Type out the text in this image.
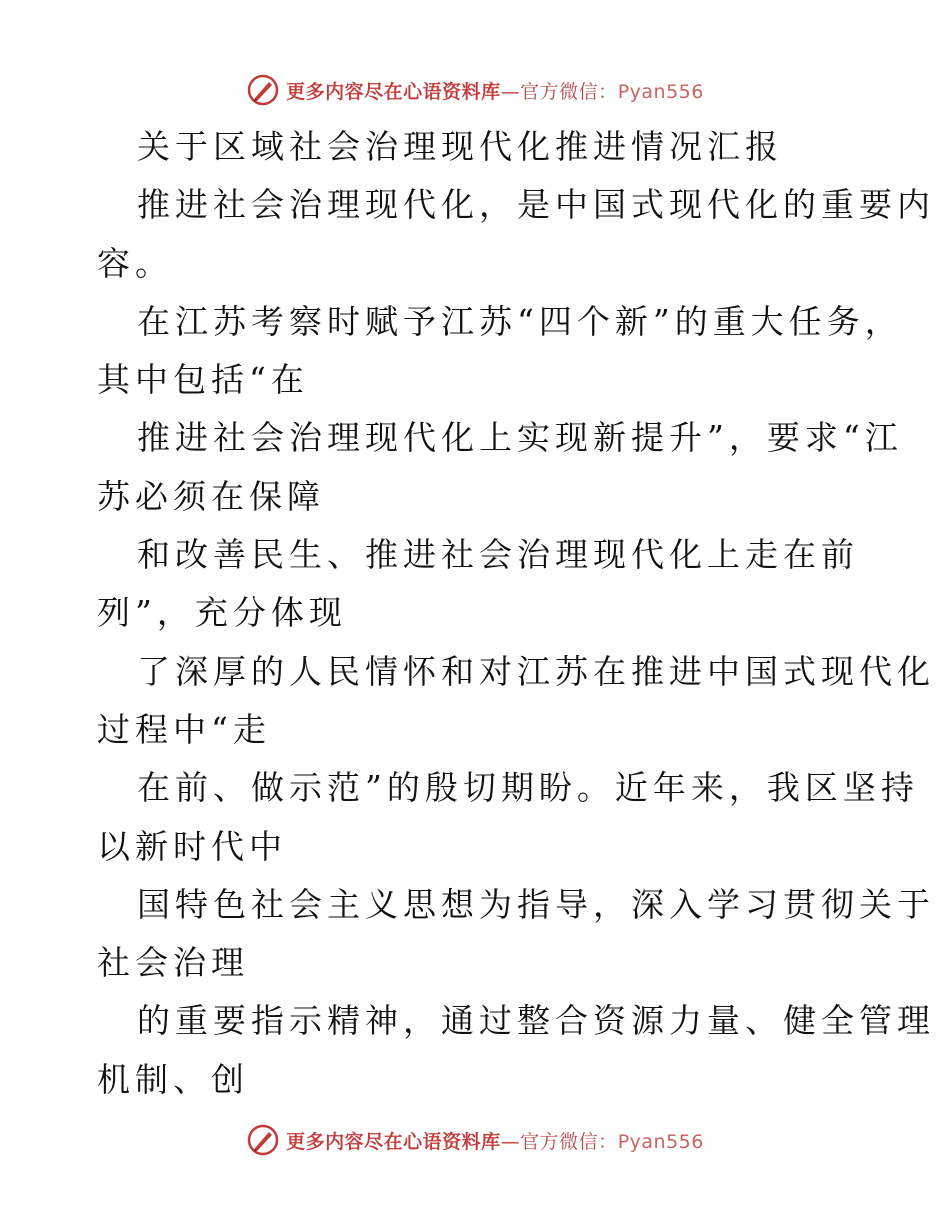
更多内容尽在心语资料库—官方微信：Pyan556
关于区域社会治理现代化推进情况汇报
推进社会治理现代化，是中国式现代化的重要内
容。
在江苏考察时赋予江苏“四个新”的重大任务，
其中包括“在
推进社会治理现代化上实现新提升”，要求“江
苏必须在保障
和改善民生、推进社会治理现代化上走在前
列”，充分体现
了深厚的人民情怀和对江苏在推进中国式现代化
过程中“走
在前、做示范”的殷切期盼。近年来，我区坚持
以新时代中
国特色社会主义思想为指导，深入学习贯彻关于
社会治理
的重要指示精神，通过整合资源力量、健全管理
机制、创
更多内容尽在心语资料库—官方微信：Pyan556
